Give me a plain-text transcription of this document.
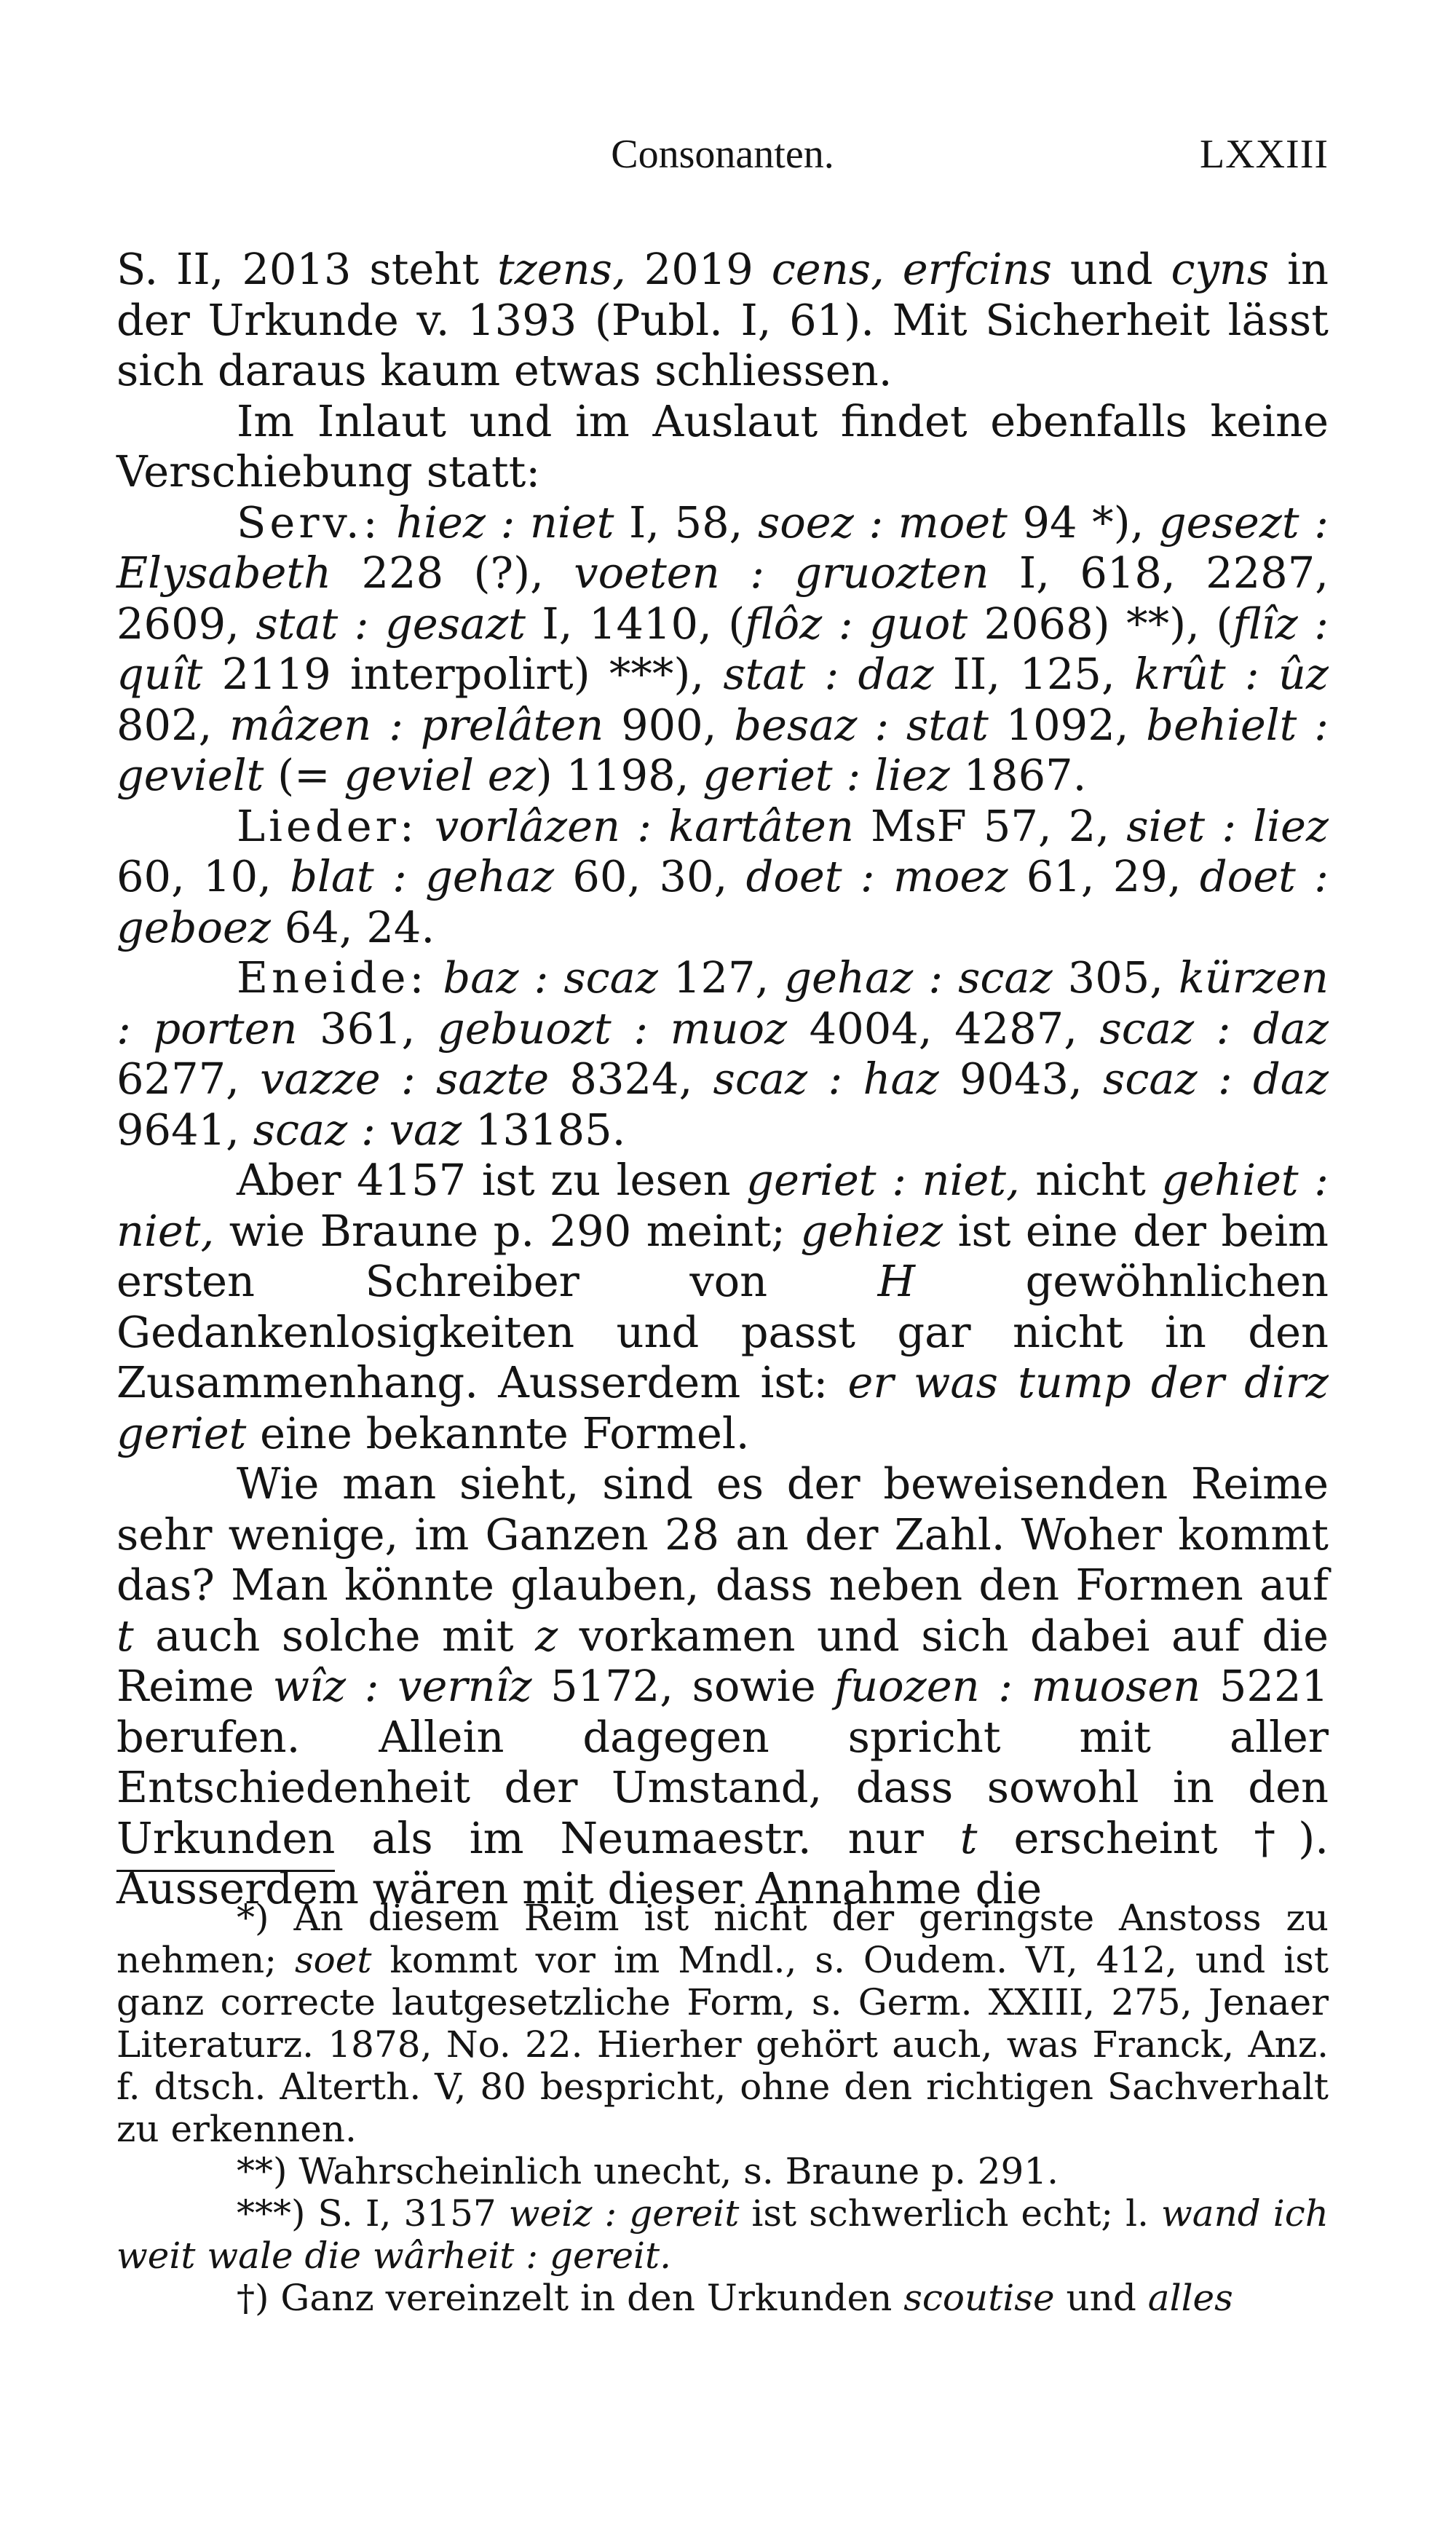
Consonanten.	LXXIII

S. II, 2013 steht tzens, 2019 cens, erfcins und cyns in der Urkunde v. 1393 (Publ. I, 61). Mit Sicherheit lässt sich daraus kaum etwas schliessen.

Im Inlaut und im Auslaut findet ebenfalls keine Verschiebung statt:

Serv.: hiez : niet I, 58, soez : moet 94 *), gesezt : Elysabeth 228 (?), voeten : gruozten I, 618, 2287, 2609, stat : gesazt I, 1410, (flôz : guot 2068) **), (flîz : quît 2119 interpolirt) ***), stat : daz II, 125, krût : ûz 802, mâzen : prelâten 900, besaz : stat 1092, behielt : gevielt (= geviel ez) 1198, geriet : liez 1867.

Lieder: vorlâzen : kartâten MsF 57, 2, siet : liez 60, 10, blat : gehaz 60, 30, doet : moez 61, 29, doet : geboez 64, 24.

Eneide: baz : scaz 127, gehaz : scaz 305, kürzen : porten 361, gebuozt : muoz 4004, 4287, scaz : daz 6277, vazze : sazte 8324, scaz : haz 9043, scaz : daz 9641, scaz : vaz 13185.

Aber 4157 ist zu lesen geriet : niet, nicht gehiet : niet, wie Braune p. 290 meint; gehiez ist eine der beim ersten Schreiber von H gewöhnlichen Gedankenlosigkeiten und passt gar nicht in den Zusammenhang. Ausserdem ist: er was tump der dirz geriet eine bekannte Formel.

Wie man sieht, sind es der beweisenden Reime sehr wenige, im Ganzen 28 an der Zahl. Woher kommt das? Man könnte glauben, dass neben den Formen auf t auch solche mit z vorkamen und sich dabei auf die Reime wîz : vernîz 5172, sowie fuozen : muosen 5221 berufen. Allein dagegen spricht mit aller Entschiedenheit der Umstand, dass sowohl in den Urkunden als im Neumaestr. nur t erscheint †). Ausserdem wären mit dieser Annahme die

*) An diesem Reim ist nicht der geringste Anstoss zu nehmen; soet kommt vor im Mndl., s. Oudem. VI, 412, und ist ganz correcte lautgesetzliche Form, s. Germ. XXIII, 275, Jenaer Literaturz. 1878, No. 22. Hierher gehört auch, was Franck, Anz. f. dtsch. Alterth. V, 80 bespricht, ohne den richtigen Sachverhalt zu erkennen.

**) Wahrscheinlich unecht, s. Braune p. 291.

***) S. I, 3157 weiz : gereit ist schwerlich echt; l. wand ich weit wale die wârheit : gereit.

†) Ganz vereinzelt in den Urkunden scoutise und alles
